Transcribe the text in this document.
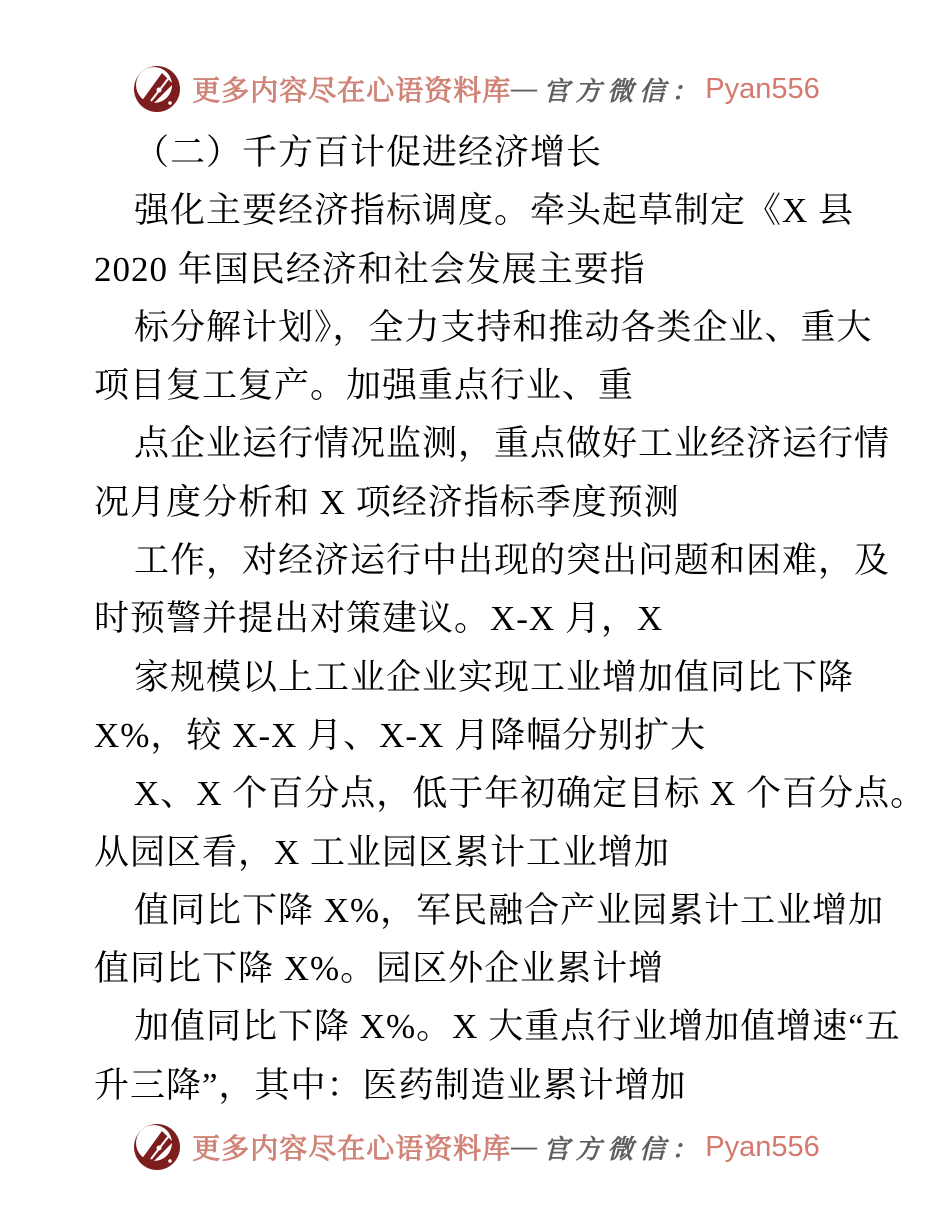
更多内容尽在心语资料库 — 官方微信： Pyan556
（二）千方百计促进经济增长
强化主要经济指标调度。牵头起草制定《X 县
2020 年国民经济和社会发展主要指
标分解计划》，全力支持和推动各类企业、重大
项目复工复产。加强重点行业、重
点企业运行情况监测，重点做好工业经济运行情
况月度分析和 X 项经济指标季度预测
工作，对经济运行中出现的突出问题和困难，及
时预警并提出对策建议。X-X 月，X
家规模以上工业企业实现工业增加值同比下降
X%，较 X-X 月、X-X 月降幅分别扩大
X、X 个百分点，低于年初确定目标 X 个百分点。
从园区看，X 工业园区累计工业增加
值同比下降 X%，军民融合产业园累计工业增加
值同比下降 X%。园区外企业累计增
加值同比下降 X%。X 大重点行业增加值增速“五
升三降”，其中：医药制造业累计增加
更多内容尽在心语资料库 — 官方微信： Pyan556
